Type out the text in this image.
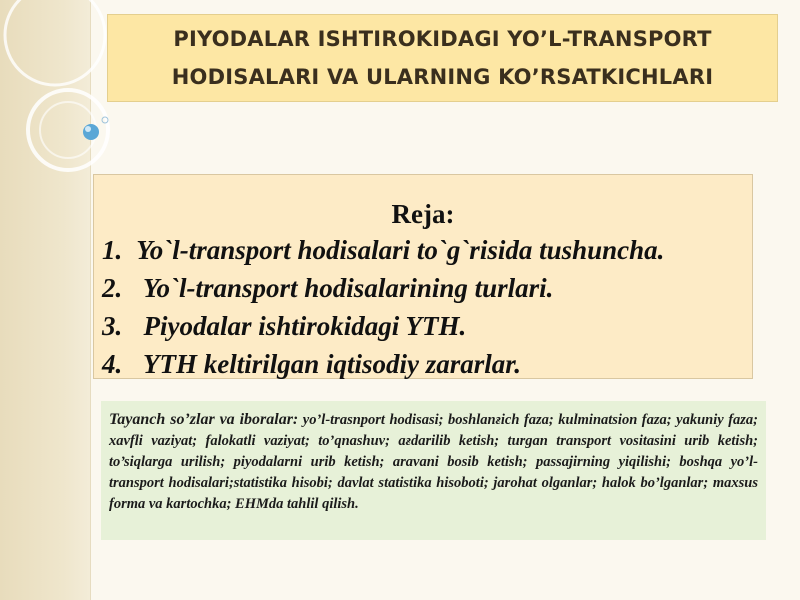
PIYODALAR ISHTIROKIDAGI YO’L-TRANSPORT
HODISALARI VA ULARNING KO’RSATKICHLARI
Reja:
1. Yo`l-transport hodisalari to`g`risida tushuncha.
2. Yo`l-transport hodisalarining turlari.
3. Piyodalar ishtirokidagi YTH.
4. YTH keltirilgan iqtisodiy zararlar.
Tayanch so’zlar va iboralar: yo’l-trasnport hodisasi; boshlanғich faza; kulminatsion faza; yakuniy faza; xavfli vaziyat; falokatli vaziyat; to’qnashuv; aғdarilib ketish; turgan transport vositasini urib ketish; to’siqlarga urilish; piyodalarni urib ketish; aravani bosib ketish; passajirning yiqilishi; boshqa yo’l-transport hodisalari;statistika hisobi; davlat statistika hisoboti; jarohat olganlar; halok bo’lganlar; maxsus forma va kartochka; EHMda tahlil qilish.
